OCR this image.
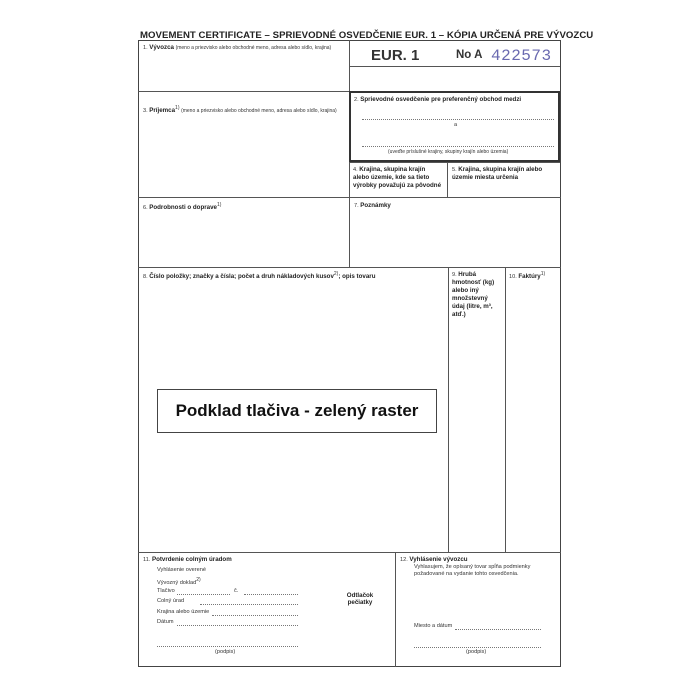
MOVEMENT CERTIFICATE – SPRIEVODNÉ OSVEDČENIE EUR. 1 – KÓPIA URČENÁ PRE VÝVOZCU
1. Vývozca (meno a priezvisko alebo obchodné meno, adresa alebo sídlo, krajina)	EUR. 1	No A 422573
2. Sprievodné osvedčenie pre preferenčný obchod medzi
a
(uveďte príslušné krajiny, skupiny krajín alebo územia)
3. Príjemca$^{1)}$ (meno a priezvisko alebo obchodné meno, adresa alebo sídlo, krajina)
4. Krajina, skupina krajín alebo územie, kde sa tieto výrobky považujú za pôvodné
5. Krajina, skupina krajín alebo územie miesta určenia
6. Podrobnosti o doprave$^{1)}$	7. Poznámky
8. Číslo položky; značky a čísla; počet a druh nákladových kusov$^{2)}$; opis tovaru	9. Hrubá hmotnosť (kg) alebo iný množstevný údaj (litre, m³, atď.)
10. Faktúry$^{1)}$
Podklad tlačiva - zelený raster
11. Potvrdenie colným úradom
Vyhlásenie overené
Vývozný doklad$^{2)}$
Tlačivo	č.
Colný úrad
Krajina alebo územie
Dátum
(podpis)
Odtlačok pečiatky
12. Vyhlásenie vývozcu
Vyhlasujem, že opísaný tovar spĺňa podmienky požadované na vydanie tohto osvedčenia.
Miesto a dátum
(podpis)
